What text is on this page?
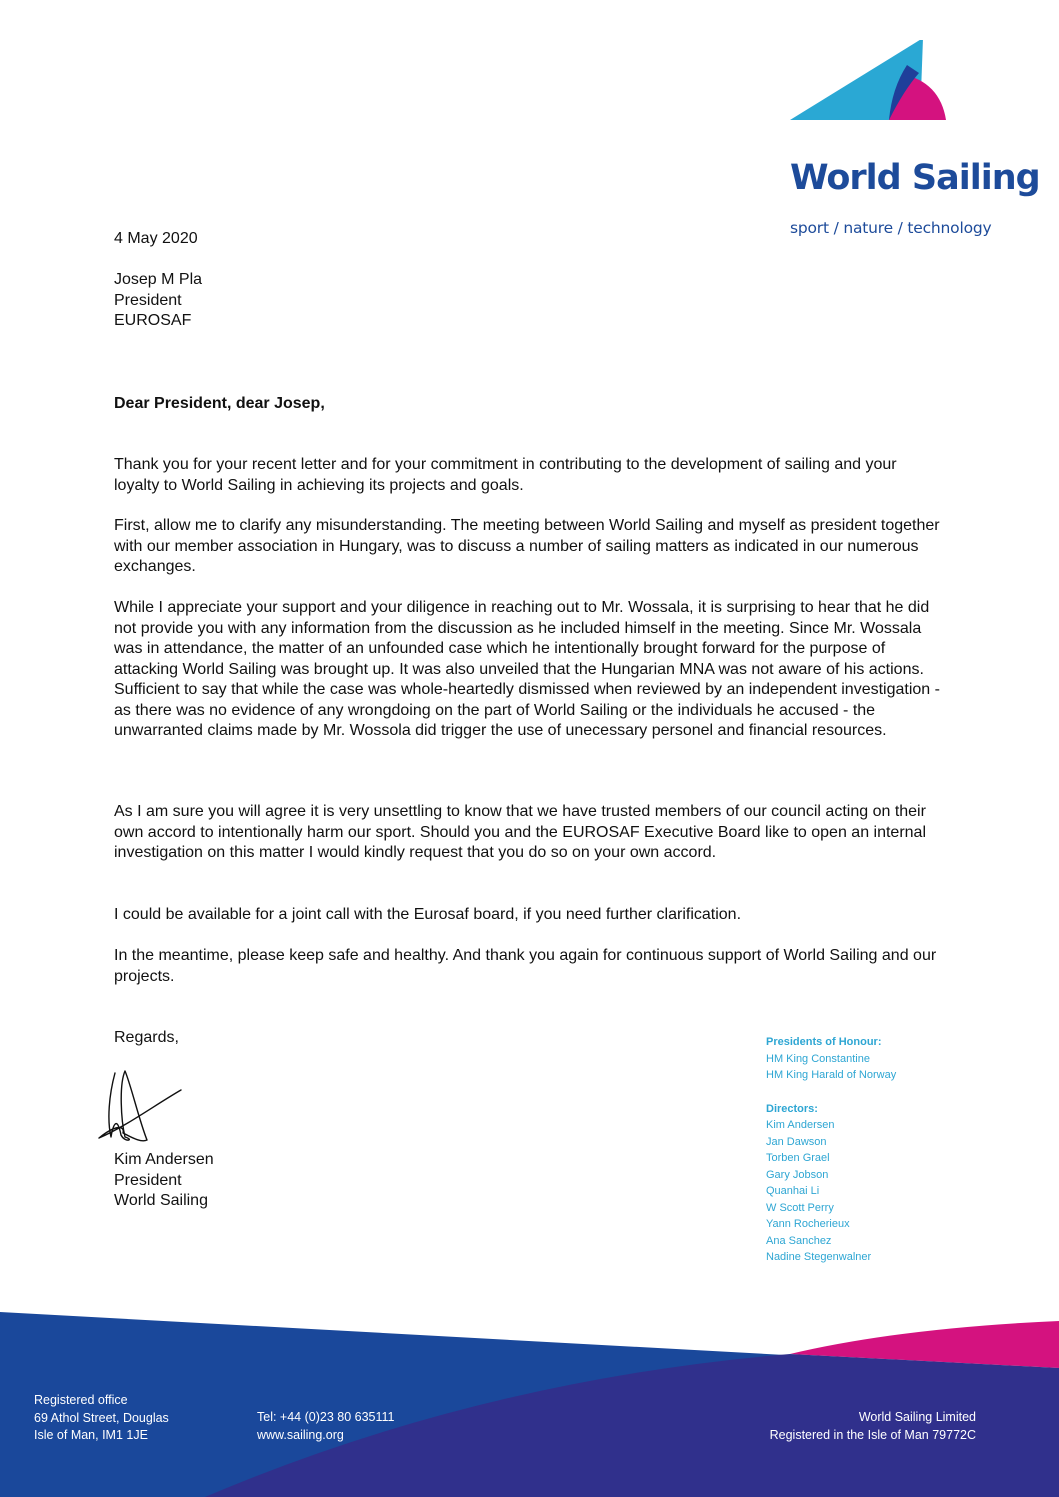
World Sailing
sport / nature / technology
4 May 2020
Josep M Pla
President
EUROSAF
Dear President, dear Josep,

Thank you for your recent letter and for your commitment in contributing to the development of sailing and your loyalty to World Sailing in achieving its projects and goals.

First, allow me to clarify any misunderstanding. The meeting between World Sailing and myself as president together with our member association in Hungary, was to discuss a number of sailing matters as indicated in our numerous exchanges.

While I appreciate your support and your diligence in reaching out to Mr. Wossala, it is surprising to hear that he did not provide you with any information from the discussion as he included himself in the meeting. Since Mr. Wossala was in attendance, the matter of an unfounded case which he intentionally brought forward for the purpose of attacking World Sailing was brought up. It was also unveiled that the Hungarian MNA was not aware of his actions. Sufficient to say that while the case was whole-heartedly dismissed when reviewed by an independent investigation - as there was no evidence of any wrongdoing on the part of World Sailing or the individuals he accused - the unwarranted claims made by Mr. Wossola did trigger the use of unecessary personel and financial resources.

As I am sure you will agree it is very unsettling to know that we have trusted members of our council acting on their own accord to intentionally harm our sport. Should you and the EUROSAF Executive Board like to open an internal investigation on this matter I would kindly request that you do so on your own accord.

I could be available for a joint call with the Eurosaf board, if you need further clarification.

In the meantime, please keep safe and healthy. And thank you again for continuous support of World Sailing and our projects.

Regards,
Kim Andersen
President
World Sailing
Presidents of Honour:
HM King Constantine
HM King Harald of Norway
Directors:
Kim Andersen
Jan Dawson
Torben Grael
Gary Jobson
Quanhai Li
W Scott Perry
Yann Rocherieux
Ana Sanchez
Nadine Stegenwalner
Registered office
69 Athol Street, Douglas
Isle of Man, IM1 1JE
Tel: +44 (0)23 80 635111
www.sailing.org
World Sailing Limited
Registered in the Isle of Man 79772C
